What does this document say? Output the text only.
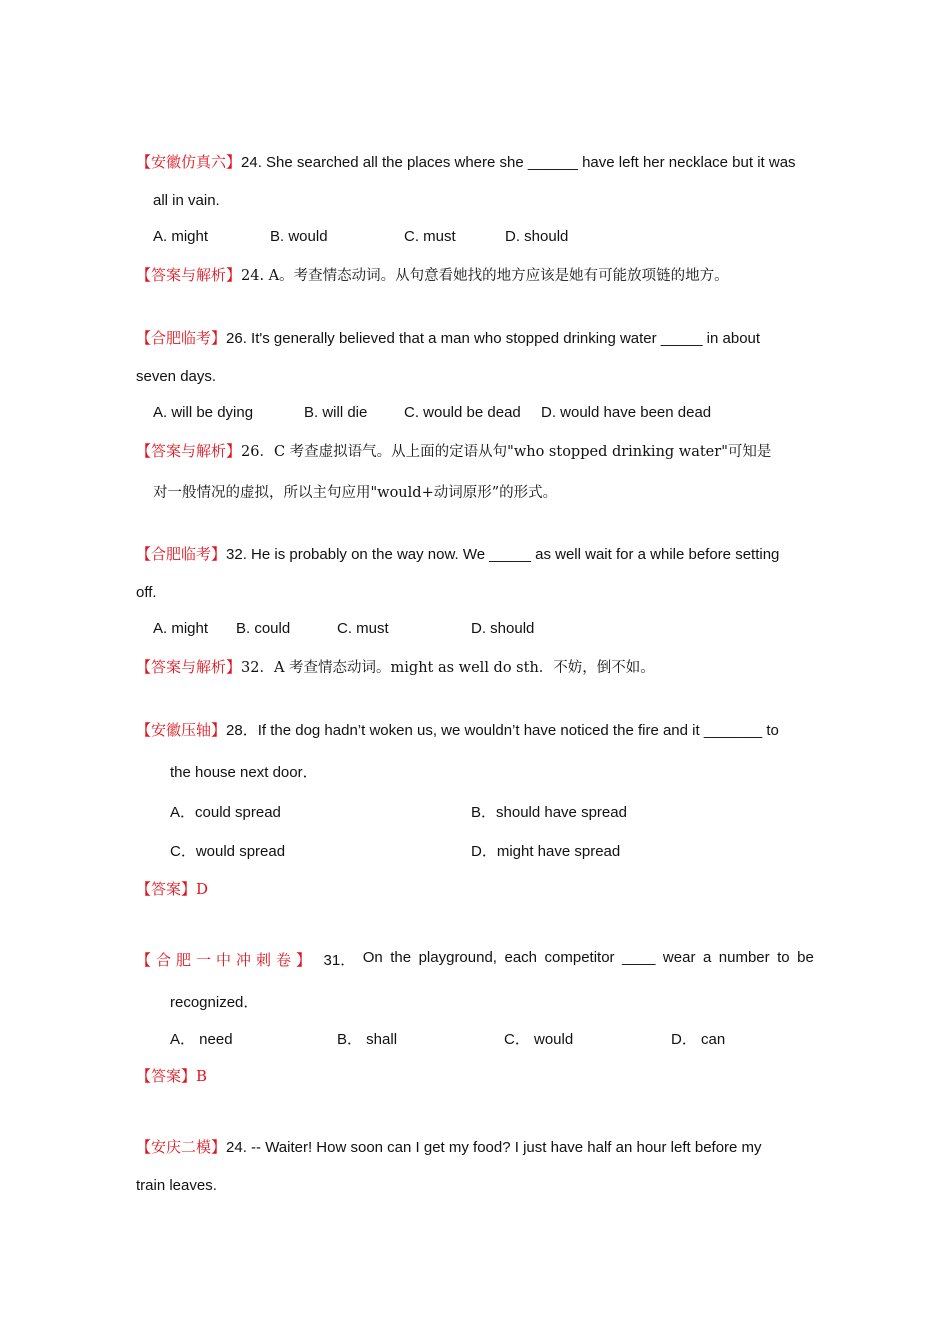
【安徽仿真六】24. She searched all the places where she ______ have left her necklace but it was
all in vain.
A. might	B. would	C. must	D. should
【答案与解析】24. A。考查情态动词。从句意看她找的地方应该是她有可能放项链的地方。
【合肥临考】26. It's generally believed that a man who stopped drinking water _____ in about
seven days.
A. will be dying	B. will die C. would be dead D. would have been dead
【答案与解析】26．C 考查虚拟语气。从上面的定语从句"who stopped drinking water"可知是
对一般情况的虚拟，所以主句应用"would+动词原形”的形式。
【合肥临考】32. He is probably on the way now. We _____ as well wait for a while before setting
off.
A. might B. could	C. must	D. should
【答案与解析】32．A 考查情态动词。might as well do sth．不妨，倒不如。
【安徽压轴】28．If the dog hadn’t woken us, we wouldn’t have noticed the fire and it _______ to
the house next door．
A．could spread	B．should have spread
C．would spread	D．might have spread
【答案】D
【合肥一中冲刺卷】 31． On the playground, each competitor ____ wear a number to be
recognized．
A． need	B． shall	C． would	D． can
【答案】B
【安庆二模】24. -- Waiter! How soon can I get my food? I just have half an hour left before my
train leaves.
